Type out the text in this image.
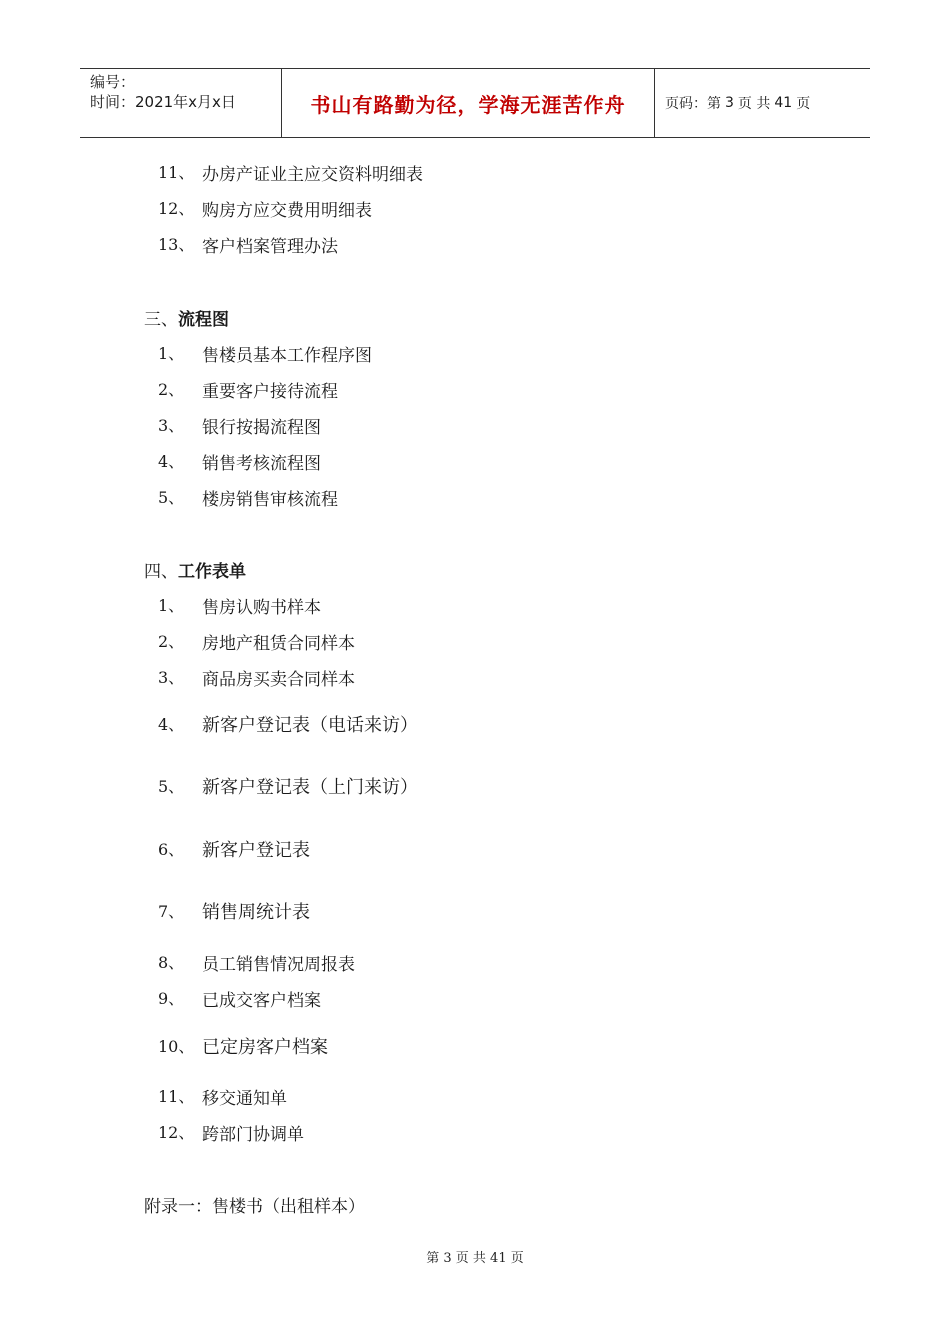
编号：
时间：2021年x月x日	书山有路勤为径，学海无涯苦作舟	页码：第 3 页 共 41 页
11、 办房产证业主应交资料明细表
12、 购房方应交费用明细表
13、 客户档案管理办法
三、流程图
1、 售楼员基本工作程序图
2、 重要客户接待流程
3、 银行按揭流程图
4、 销售考核流程图
5、 楼房销售审核流程
四、工作表单
1、 售房认购书样本
2、 房地产租赁合同样本
3、 商品房买卖合同样本
4、 新客户登记表（电话来访）
5、 新客户登记表（上门来访）
6、 新客户登记表
7、 销售周统计表
8、 员工销售情况周报表
9、 已成交客户档案
10、 已定房客户档案
11、 移交通知单
12、 跨部门协调单
附录一：售楼书（出租样本）
第 3 页 共 41 页
